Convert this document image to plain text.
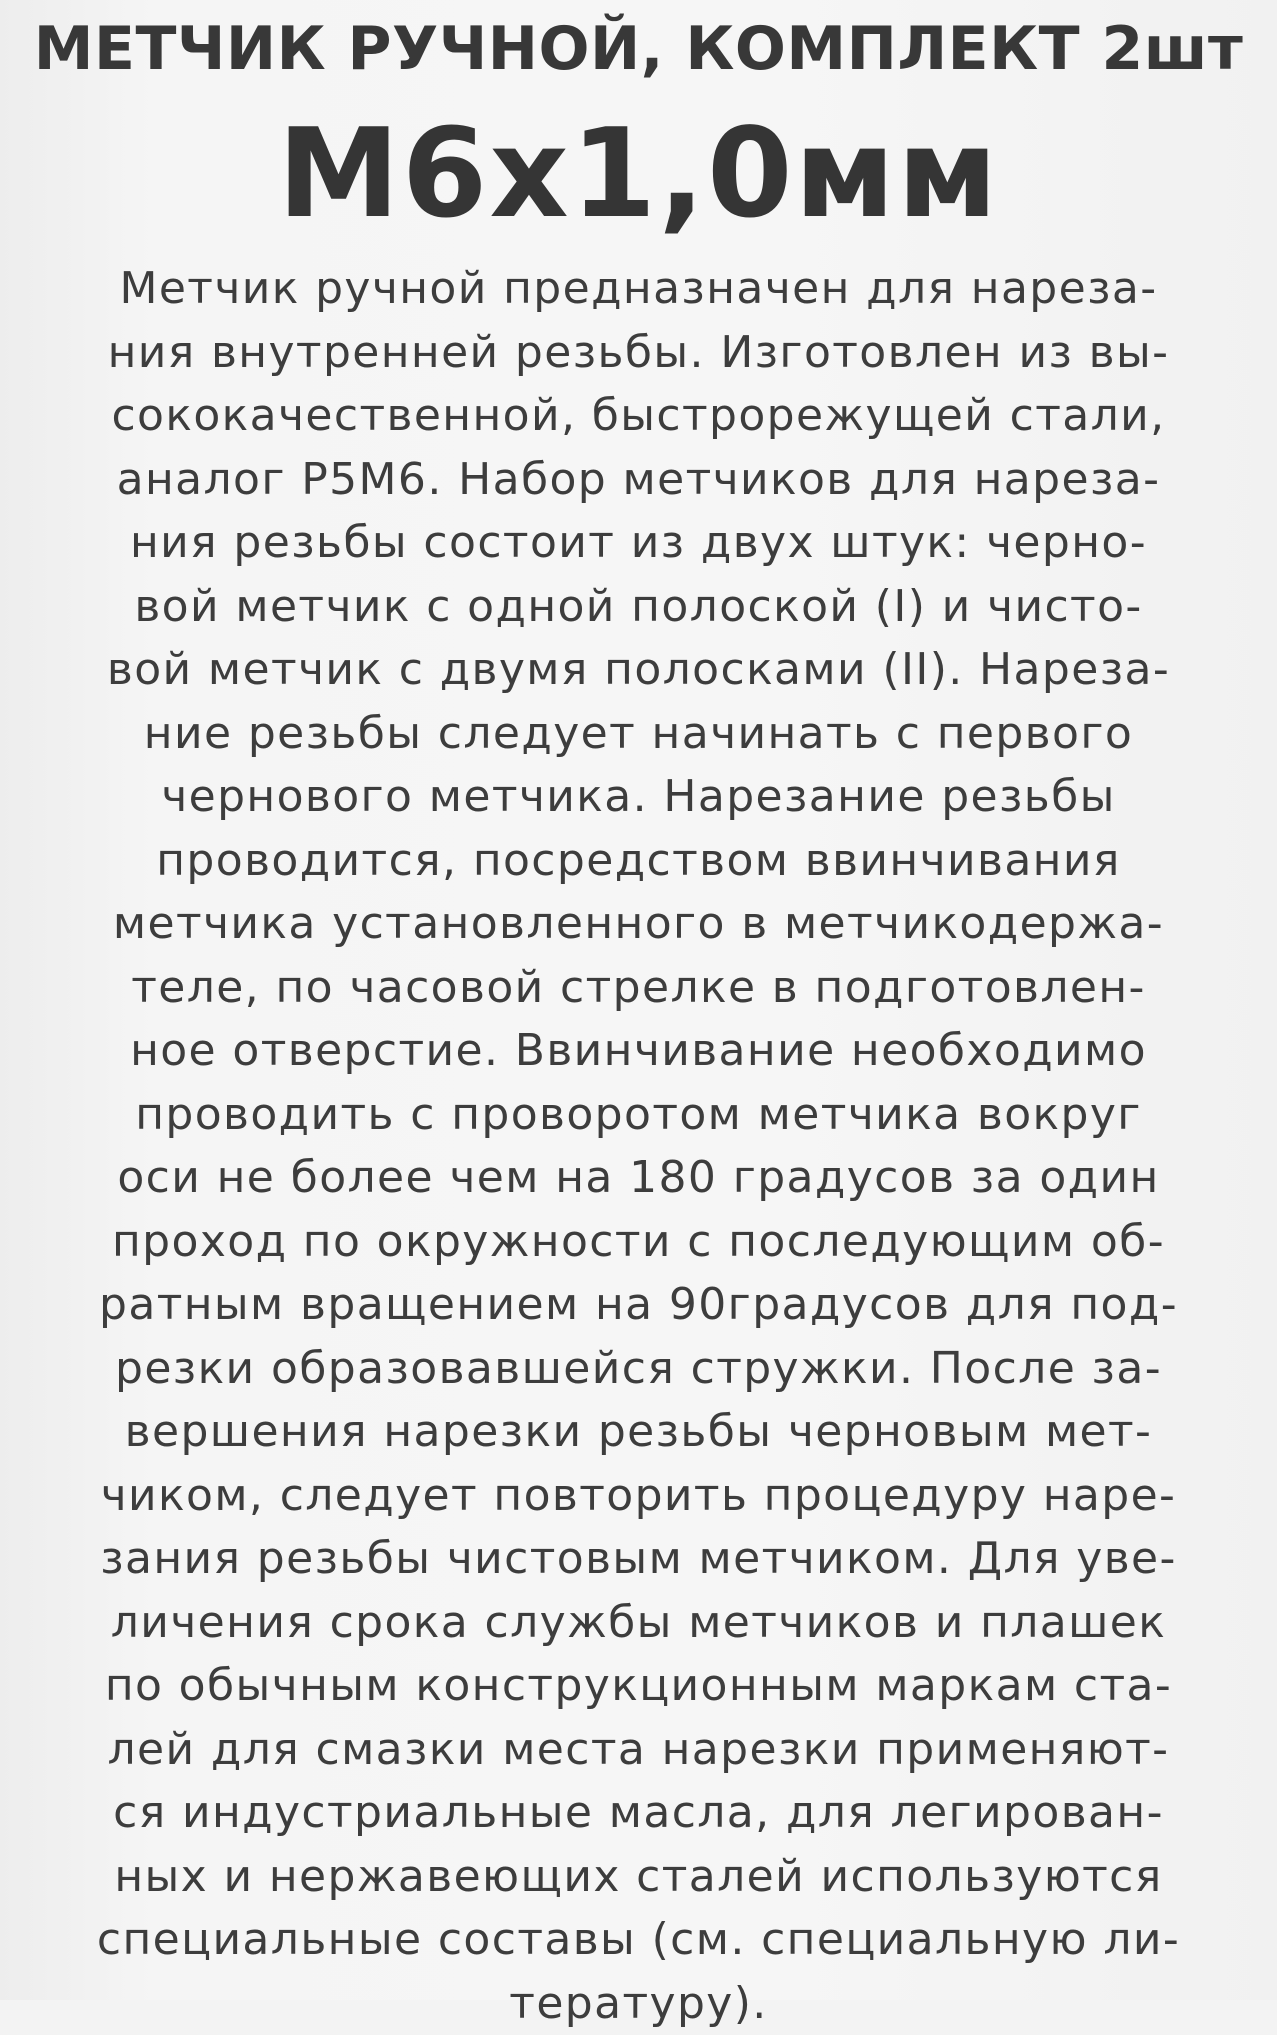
МЕТЧИК РУЧНОЙ, КОМПЛЕКТ 2шт
М6х1,0мм
Метчик ручной предназначен для нареза-
ния внутренней резьбы. Изготовлен из вы-
сококачественной, быстрорежущей стали,
аналог Р5М6. Набор метчиков для нареза-
ния резьбы состоит из двух штук: черно-
вой метчик с одной полоской (I) и чисто-
вой метчик с двумя полосками (II). Нареза-
ние резьбы следует начинать с первого
чернового метчика. Нарезание резьбы
проводится, посредством ввинчивания
метчика установленного в метчикодержа-
теле, по часовой стрелке в подготовлен-
ное отверстие. Ввинчивание необходимо
проводить с проворотом метчика вокруг
оси не более чем на 180 градусов за один
проход по окружности с последующим об-
ратным вращением на 90градусов для под-
резки образовавшейся стружки. После за-
вершения нарезки резьбы черновым мет-
чиком, следует повторить процедуру наре-
зания резьбы чистовым метчиком. Для уве-
личения срока службы метчиков и плашек
по обычным конструкционным маркам ста-
лей для смазки места нарезки применяют-
ся индустриальные масла, для легирован-
ных и нержавеющих сталей используются
специальные составы (см. специальную ли-
тературу).
